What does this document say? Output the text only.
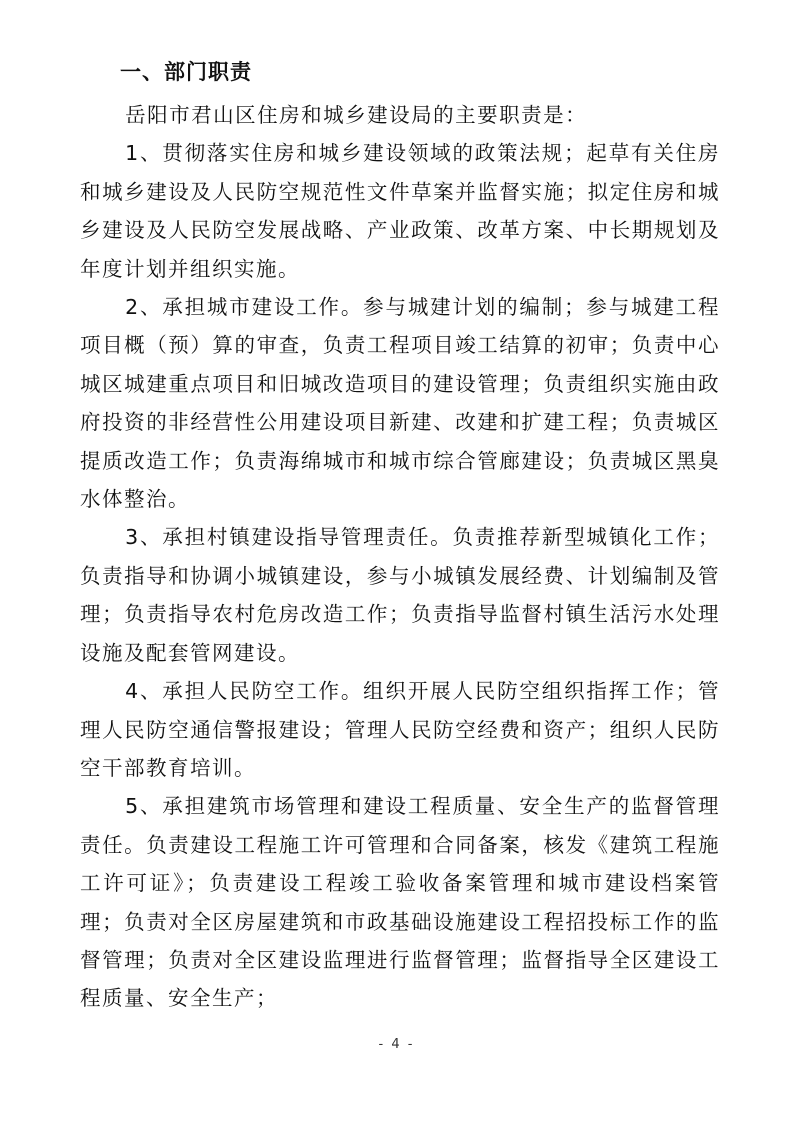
一、部门职责

岳阳市君山区住房和城乡建设局的主要职责是：

1、贯彻落实住房和城乡建设领域的政策法规；起草有关住房和城乡建设及人民防空规范性文件草案并监督实施；拟定住房和城乡建设及人民防空发展战略、产业政策、改革方案、中长期规划及年度计划并组织实施。

2、承担城市建设工作。参与城建计划的编制；参与城建工程项目概（预）算的审查，负责工程项目竣工结算的初审；负责中心城区城建重点项目和旧城改造项目的建设管理；负责组织实施由政府投资的非经营性公用建设项目新建、改建和扩建工程；负责城区提质改造工作；负责海绵城市和城市综合管廊建设；负责城区黑臭水体整治。

3、承担村镇建设指导管理责任。负责推荐新型城镇化工作；负责指导和协调小城镇建设，参与小城镇发展经费、计划编制及管理；负责指导农村危房改造工作；负责指导监督村镇生活污水处理设施及配套管网建设。

4、承担人民防空工作。组织开展人民防空组织指挥工作；管理人民防空通信警报建设；管理人民防空经费和资产；组织人民防空干部教育培训。

5、承担建筑市场管理和建设工程质量、安全生产的监督管理责任。负责建设工程施工许可管理和合同备案，核发《建筑工程施工许可证》；负责建设工程竣工验收备案管理和城市建设档案管理；负责对全区房屋建筑和市政基础设施建设工程招投标工作的监督管理；负责对全区建设监理进行监督管理；监督指导全区建设工程质量、安全生产；

- 4 -
